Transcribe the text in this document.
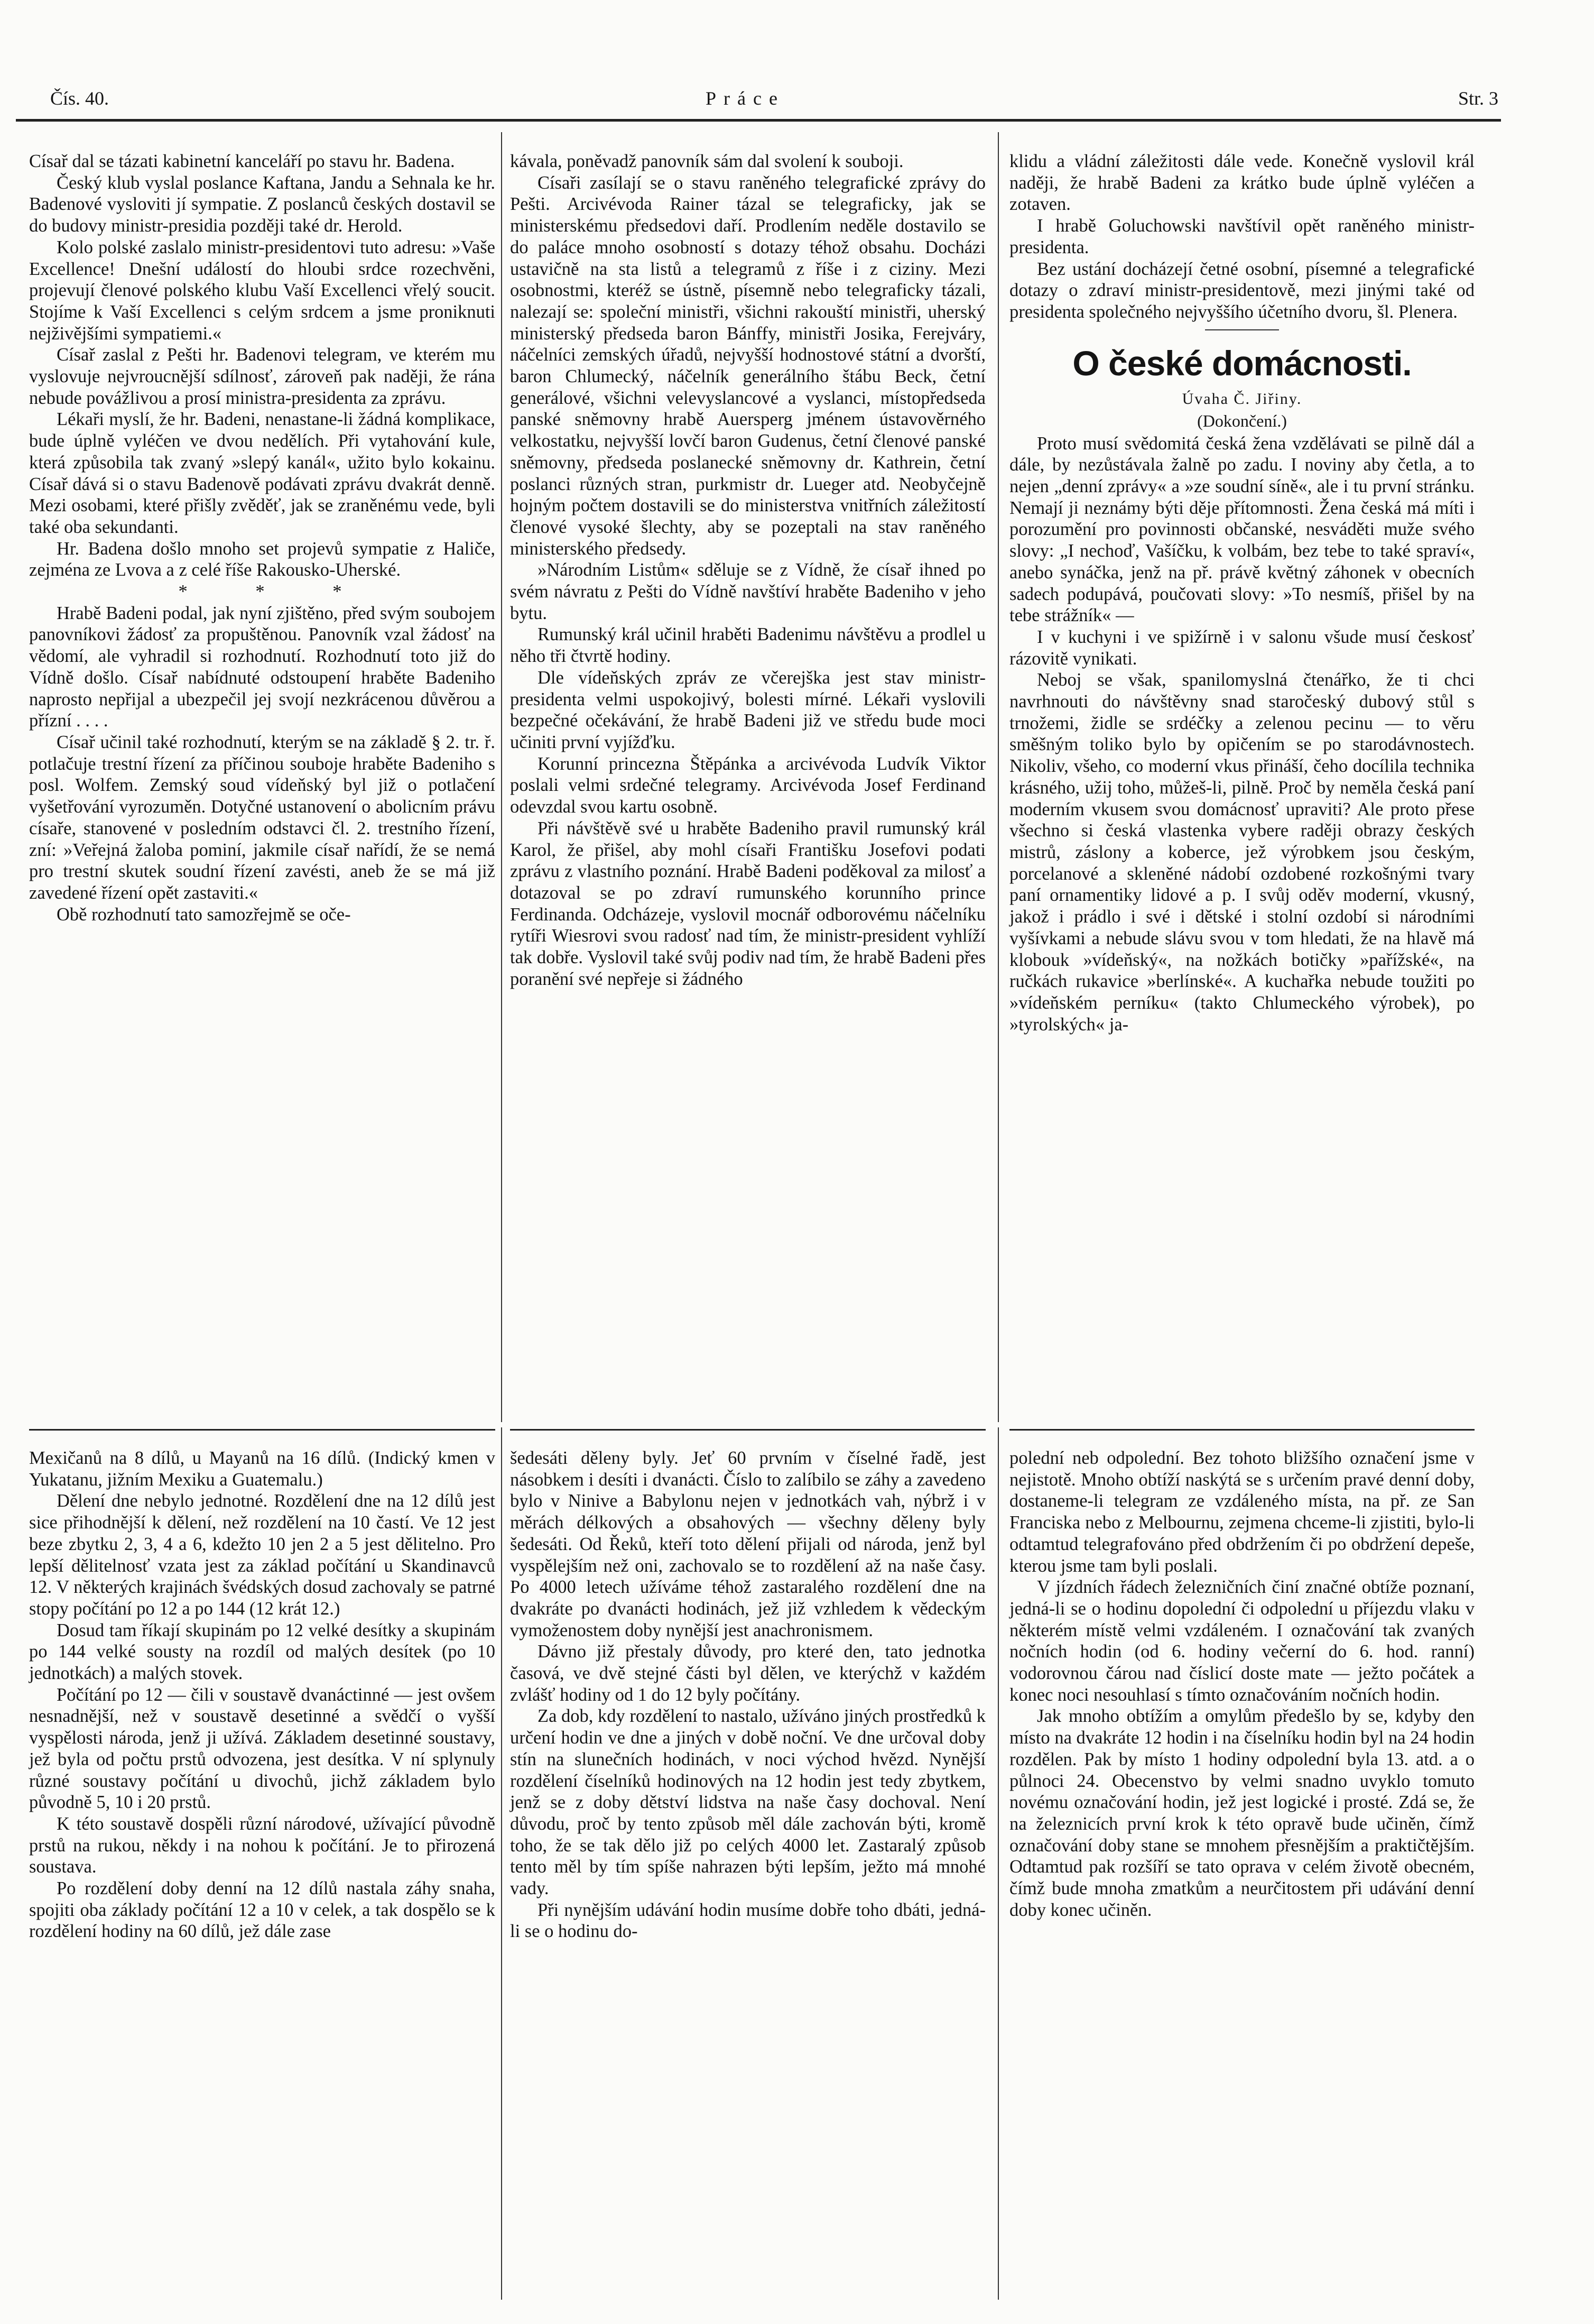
Čís. 40.	Práce	Str. 3

Císař dal se tázati kabinetní kanceláří po stavu hr. Badena.

Český klub vyslal poslance Kaftana, Jandu a Sehnala ke hr. Badenové vysloviti jí sympatie. Z poslanců českých dostavil se do budovy ministr-presidia později také dr. Herold.

Kolo polské zaslalo ministr-presidentovi tuto adresu: »Vaše Excellence! Dnešní událostí do hloubi srdce rozechvěni, projevují členové polského klubu Vaší Excellenci vřelý soucit. Stojíme k Vaší Excellenci s celým srdcem a jsme proniknuti nejživějšími sympatiemi.«

Císař zaslal z Pešti hr. Badenovi telegram, ve kterém mu vyslovuje nejvroucnější sdílnosť, zároveň pak naději, že rána nebude povážlivou a prosí ministra-presidenta za zprávu.

Lékaři myslí, že hr. Badeni, nenastane-li žádná komplikace, bude úplně vyléčen ve dvou nedělích. Při vytahování kule, která způsobila tak zvaný »slepý kanál«, užito bylo kokainu. Císař dává si o stavu Badenově podávati zprávu dvakrát denně. Mezi osobami, které přišly zvěděť, jak se zraněnému vede, byli také oba sekundanti.

Hr. Badena došlo mnoho set projevů sympatie z Haliče, zejména ze Lvova a z celé říše Rakousko-Uherské.

* * *

Hrabě Badeni podal, jak nyní zjištěno, před svým soubojem panovníkovi žádosť za propuštěnou. Panovník vzal žádosť na vědomí, ale vyhradil si rozhodnutí. Rozhodnutí toto již do Vídně došlo. Císař nabídnuté odstoupení hraběte Badeniho naprosto nepřijal a ubezpečil jej svojí nezkrácenou důvěrou a přízní . . . .

Císař učinil také rozhodnutí, kterým se na základě § 2. tr. ř. potlačuje trestní řízení za příčinou souboje hraběte Badeniho s posl. Wolfem. Zemský soud vídeňský byl již o potlačení vyšetřování vyrozuměn. Dotyčné ustanovení o abolicním právu císaře, stanovené v posledním odstavci čl. 2. trestního řízení, zní: »Veřejná žaloba pominí, jakmile císař nařídí, že se nemá pro trestní skutek soudní řízení zavésti, aneb že se má již zavedené řízení opět zastaviti.«

Obě rozhodnutí tato samozřejmě se oče-

kávala, poněvadž panovník sám dal svolení k souboji.

Císaři zasílají se o stavu raněného telegrafické zprávy do Pešti. Arcivévoda Rainer tázal se telegraficky, jak se ministerskému předsedovi daří. Prodlením neděle dostavilo se do paláce mnoho osobností s dotazy téhož obsahu. Docházi ustavičně na sta listů a telegramů z říše i z ciziny. Mezi osobnostmi, kteréž se ústně, písemně nebo telegraficky tázali, nalezají se: společní ministři, všichni rakouští ministři, uherský ministerský předseda baron Bánffy, ministři Josika, Ferejváry, náčelníci zemských úřadů, nejvyšší hodnostové státní a dvorští, baron Chlumecký, náčelník generálního štábu Beck, četní generálové, všichni velevyslancové a vyslanci, místopředseda panské sněmovny hrabě Auersperg jménem ústavověrného velkostatku, nejvyšší lovčí baron Gudenus, četní členové panské sněmovny, předseda poslanecké sněmovny dr. Kathrein, četní poslanci různých stran, purkmistr dr. Lueger atd. Neobyčejně hojným počtem dostavili se do ministerstva vnitřních záležitostí členové vysoké šlechty, aby se pozeptali na stav raněného ministerského předsedy.

»Národním Listům« sděluje se z Vídně, že císař ihned po svém návratu z Pešti do Vídně navštíví hraběte Badeniho v jeho bytu.

Rumunský král učinil hraběti Badenimu návštěvu a prodlel u něho tři čtvrtě hodiny.

Dle vídeňských zpráv ze včerejška jest stav ministr-presidenta velmi uspokojivý, bolesti mírné. Lékaři vyslovili bezpečné očekávání, že hrabě Badeni již ve středu bude moci učiniti první vyjížďku.

Korunní princezna Štěpánka a arcivévoda Ludvík Viktor poslali velmi srdečné telegramy. Arcivévoda Josef Ferdinand odevzdal svou kartu osobně.

Při návštěvě své u hraběte Badeniho pravil rumunský král Karol, že přišel, aby mohl císaři Františku Josefovi podati zprávu z vlastního poznání. Hrabě Badeni poděkoval za milosť a dotazoval se po zdraví rumunského korunního prince Ferdinanda. Odcházeje, vyslovil mocnář odborovému náčelníku rytíři Wiesrovi svou radosť nad tím, že ministr-president vyhlíží tak dobře. Vyslovil také svůj podiv nad tím, že hrabě Badeni přes poranění své nepřeje si žádného

klidu a vládní záležitosti dále vede. Konečně vyslovil král naději, že hrabě Badeni za krátko bude úplně vyléčen a zotaven.

I hrabě Goluchowski navštívil opět raněného ministr-presidenta.

Bez ustání docházejí četné osobní, písemné a telegrafické dotazy o zdraví ministr-presidentově, mezi jinými také od presidenta společného nejvyššího účetního dvoru, šl. Plenera.

O české domácnosti.
Úvaha Č. Jiřiny.
(Dokončení.)

Proto musí svědomitá česká žena vzdělávati se pilně dál a dále, by nezůstávala žalně po zadu. I noviny aby četla, a to nejen „denní zprávy« a »ze soudní síně«, ale i tu první stránku. Nemají ji neznámy býti děje přítomnosti. Žena česká má míti i porozumění pro povinnosti občanské, nesváděti muže svého slovy: „I nechoď, Vašíčku, k volbám, bez tebe to také spraví«, anebo synáčka, jenž na př. právě květný záhonek v obecních sadech podupává, poučovati slovy: »To nesmíš, přišel by na tebe strážník« —

I v kuchyni i ve spižírně i v salonu všude musí českosť rázovitě vynikati.

Neboj se však, spanilomyslná čtenářko, že ti chci navrhnouti do návštěvny snad staročeský dubový stůl s trnožemi, židle se srdéčky a zelenou pecinu — to věru směšným toliko bylo by opičením se po starodávnostech. Nikoliv, všeho, co moderní vkus přináší, čeho docílila technika krásného, užij toho, můžeš-li, pilně. Proč by neměla česká paní moderním vkusem svou domácnosť upraviti? Ale proto přese všechno si česká vlastenka vybere raději obrazy českých mistrů, záslony a koberce, jež výrobkem jsou českým, porcelanové a skleněné nádobí ozdobené rozkošnými tvary paní ornamentiky lidové a p. I svůj oděv moderní, vkusný, jakož i prádlo i své i dětské i stolní ozdobí si národními vyšívkami a nebude slávu svou v tom hledati, že na hlavě má klobouk »vídeňský«, na nožkách botičky »pařížské«, na ručkách rukavice »berlínské«. A kuchařka nebude toužiti po »vídeňském perníku« (takto Chlumeckého výrobek), po »tyrolských« ja-

Mexičanů na 8 dílů, u Mayanů na 16 dílů. (Indický kmen v Yukatanu, jižním Mexiku a Guatemalu.)

Dělení dne nebylo jednotné. Rozdělení dne na 12 dílů jest sice přihodnější k dělení, než rozdělení na 10 častí. Ve 12 jest beze zbytku 2, 3, 4 a 6, kdežto 10 jen 2 a 5 jest dělitelno. Pro lepší dělitelnosť vzata jest za základ počítání u Skandinavců 12. V některých krajinách švédských dosud zachovaly se patrné stopy počítání po 12 a po 144 (12 krát 12.)

Dosud tam říkají skupinám po 12 velké desítky a skupinám po 144 velké sousty na rozdíl od malých desítek (po 10 jednotkách) a malých stovek.

Počítání po 12 — čili v soustavě dvanáctinné — jest ovšem nesnadnější, než v soustavě desetinné a svědčí o vyšší vyspělosti národa, jenž ji užívá. Základem desetinné soustavy, jež byla od počtu prstů odvozena, jest desítka. V ní splynuly různé soustavy počítání u divochů, jichž základem bylo původně 5, 10 i 20 prstů.

K této soustavě dospěli různí národové, užívající původně prstů na rukou, někdy i na nohou k počítání. Je to přirozená soustava.

Po rozdělení doby denní na 12 dílů nastala záhy snaha, spojiti oba základy počítání 12 a 10 v celek, a tak dospělo se k rozdělení hodiny na 60 dílů, jež dále zase

šedesáti děleny byly. Jeť 60 prvním v číselné řadě, jest násobkem i desíti i dvanácti. Číslo to zalíbilo se záhy a zavedeno bylo v Ninive a Babylonu nejen v jednotkách vah, nýbrž i v měrách délkových a obsahových — všechny děleny byly šedesáti. Od Řeků, kteří toto dělení přijali od národa, jenž byl vyspělejším než oni, zachovalo se to rozdělení až na naše časy. Po 4000 letech užíváme téhož zastaralého rozdělení dne na dvakráte po dvanácti hodinách, jež již vzhledem k vědeckým vymoženostem doby nynější jest anachronismem.

Dávno již přestaly důvody, pro které den, tato jednotka časová, ve dvě stejné části byl dělen, ve kterýchž v každém zvlášť hodiny od 1 do 12 byly počítány.

Za dob, kdy rozdělení to nastalo, užíváno jiných prostředků k určení hodin ve dne a jiných v době noční. Ve dne určoval doby stín na slunečních hodinách, v noci východ hvězd. Nynější rozdělení číselníků hodinových na 12 hodin jest tedy zbytkem, jenž se z doby dětství lidstva na naše časy dochoval. Není důvodu, proč by tento způsob měl dále zachován býti, kromě toho, že se tak dělo již po celých 4000 let. Zastaralý způsob tento měl by tím spíše nahrazen býti lepším, ježto má mnohé vady.

Při nynějším udávání hodin musíme dobře toho dbáti, jedná-li se o hodinu do-

polední neb odpolední. Bez tohoto bližšího označení jsme v nejistotě. Mnoho obtíží naskýtá se s určením pravé denní doby, dostaneme-li telegram ze vzdáleného místa, na př. ze San Franciska nebo z Melbournu, zejmena chceme-li zjistiti, bylo-li odtamtud telegrafováno před obdržením či po obdržení depeše, kterou jsme tam byli poslali.

V jízdních řádech železničních činí značné obtíže poznaní, jedná-li se o hodinu dopolední či odpolední u příjezdu vlaku v některém místě velmi vzdáleném. I označování tak zvaných nočních hodin (od 6. hodiny večerní do 6. hod. ranní) vodorovnou čárou nad číslicí doste mate — ježto počátek a konec noci nesouhlasí s tímto označováním nočních hodin.

Jak mnoho obtížím a omylům předešlo by se, kdyby den místo na dvakráte 12 hodin i na číselníku hodin byl na 24 hodin rozdělen. Pak by místo 1 hodiny odpolední byla 13. atd. a o půlnoci 24. Obecenstvo by velmi snadno uvyklo tomuto novému označování hodin, jež jest logické i prosté. Zdá se, že na železnicích první krok k této opravě bude učiněn, čímž označování doby stane se mnohem přesnějším a praktičtějším. Odtamtud pak rozšíří se tato oprava v celém životě obecném, čímž bude mnoha zmatkům a neurčitostem při udávání denní doby konec učiněn.
